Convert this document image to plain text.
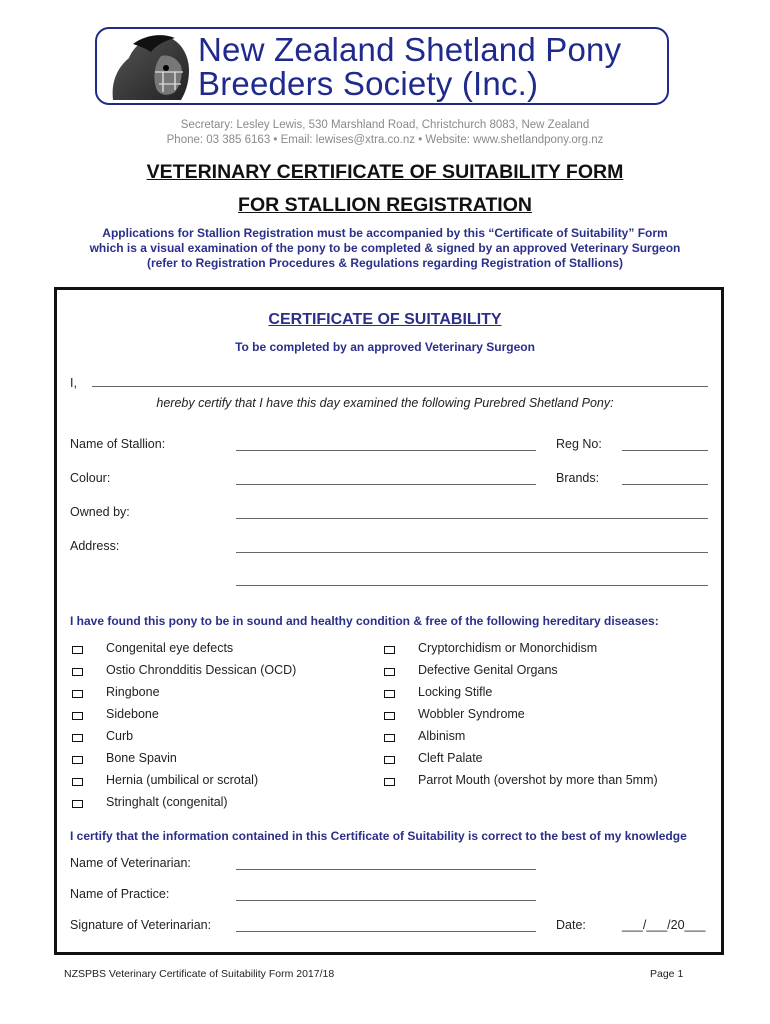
New Zealand Shetland Pony
Breeders Society (Inc.)
Secretary: Lesley Lewis, 530 Marshland Road, Christchurch 8083, New Zealand
Phone: 03 385 6163 • Email: lewises@xtra.co.nz • Website: www.shetlandpony.org.nz
VETERINARY CERTIFICATE OF SUITABILITY FORM
FOR STALLION REGISTRATION
Applications for Stallion Registration must be accompanied by this “Certificate of Suitability” Form
which is a visual examination of the pony to be completed & signed by an approved Veterinary Surgeon
(refer to Registration Procedures & Regulations regarding Registration of Stallions)
CERTIFICATE OF SUITABILITY
To be completed by an approved Veterinary Surgeon
I,
hereby certify that I have this day examined the following Purebred Shetland Pony:
Name of Stallion:	Reg No:
Colour:	Brands:
Owned by:
Address:
I have found this pony to be in sound and healthy condition & free of the following hereditary diseases:
Congenital eye defects
Ostio Chrondditis Dessican (OCD)
Ringbone
Sidebone
Curb
Bone Spavin
Hernia (umbilical or scrotal)
Stringhalt (congenital)
Cryptorchidism or Monorchidism
Defective Genital Organs
Locking Stifle
Wobbler Syndrome
Albinism
Cleft Palate
Parrot Mouth (overshot by more than 5mm)
I certify that the information contained in this Certificate of Suitability is correct to the best of my knowledge
Name of Veterinarian:
Name of Practice:
Signature of Veterinarian:	Date:	___/___/20___
NZSPBS Veterinary Certificate of Suitability Form 2017/18	Page 1
